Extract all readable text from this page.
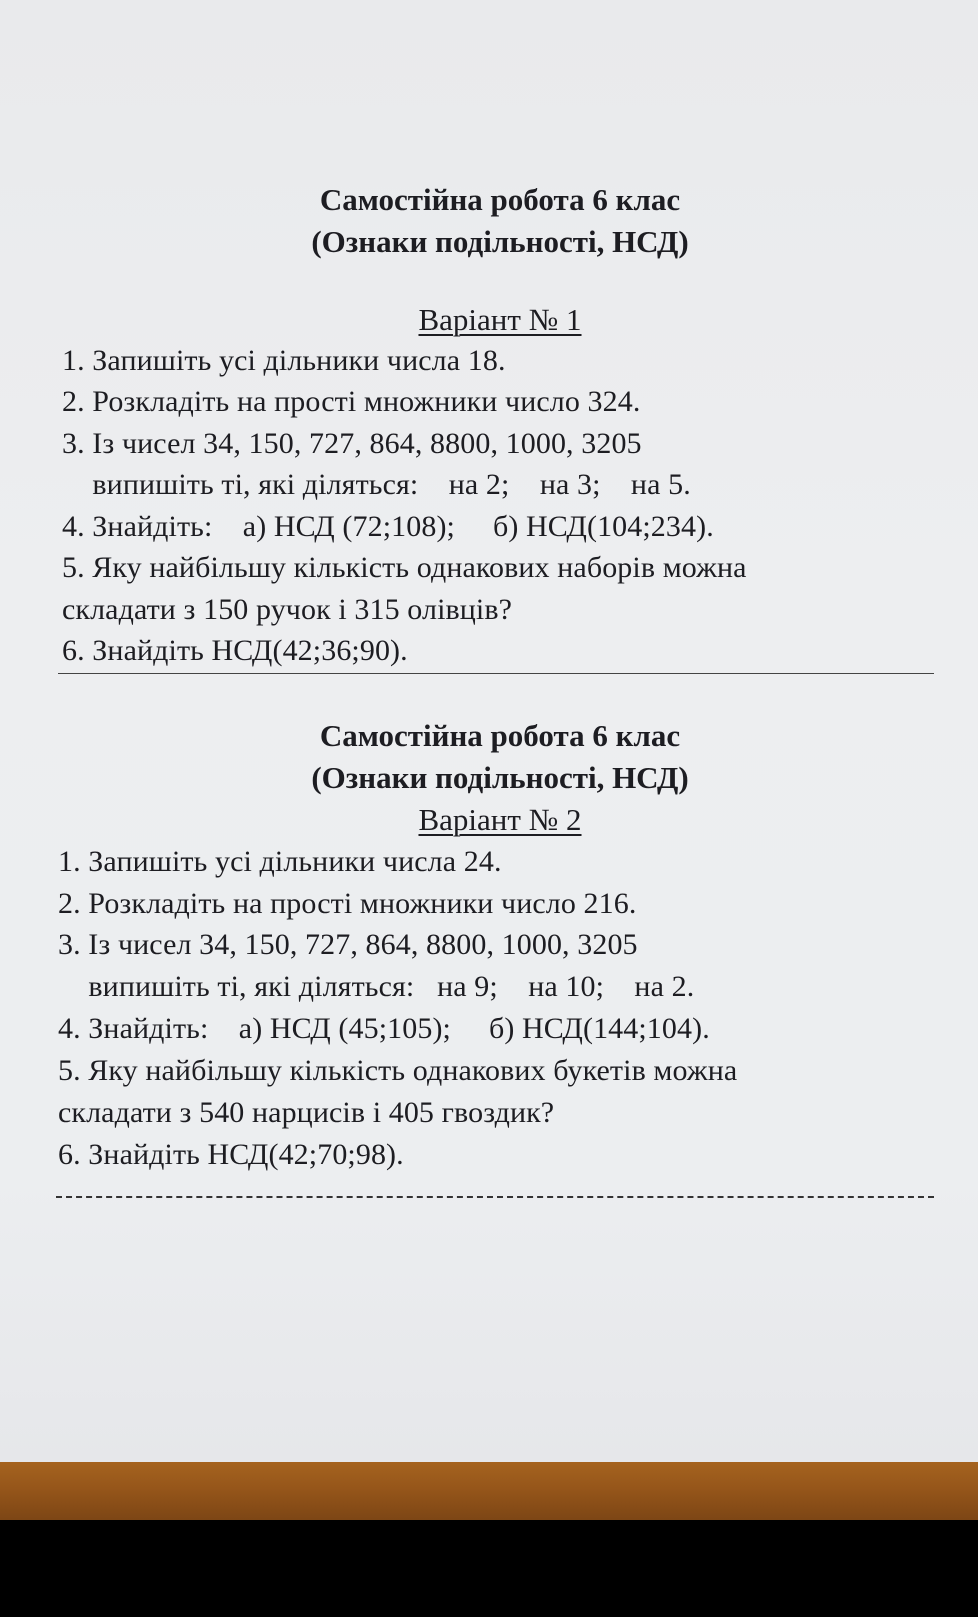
Самостійна робота 6 клас
(Ознаки подільності, НСД)
Варіант № 1
1. Запишіть усі дільники числа 18.
2. Розкладіть на прості множники число 324.
3. Із чисел 34, 150, 727, 864, 8800, 1000, 3205
випишіть ті, які діляться:    на 2;    на 3;    на 5.
4. Знайдіть:    а) НСД (72;108);     б) НСД(104;234).
5. Яку найбільшу кількість однакових наборів можна
складати з 150 ручок і 315 олівців?
6. Знайдіть НСД(42;36;90).
Самостійна робота 6 клас
(Ознаки подільності, НСД)
Варіант № 2
1. Запишіть усі дільники числа 24.
2. Розкладіть на прості множники число 216.
3. Із чисел 34, 150, 727, 864, 8800, 1000, 3205
випишіть ті, які діляться:   на 9;    на 10;    на 2.
4. Знайдіть:    а) НСД (45;105);     б) НСД(144;104).
5. Яку найбільшу кількість однакових букетів можна
складати з 540 нарцисів і 405 гвоздик?
6. Знайдіть НСД(42;70;98).
